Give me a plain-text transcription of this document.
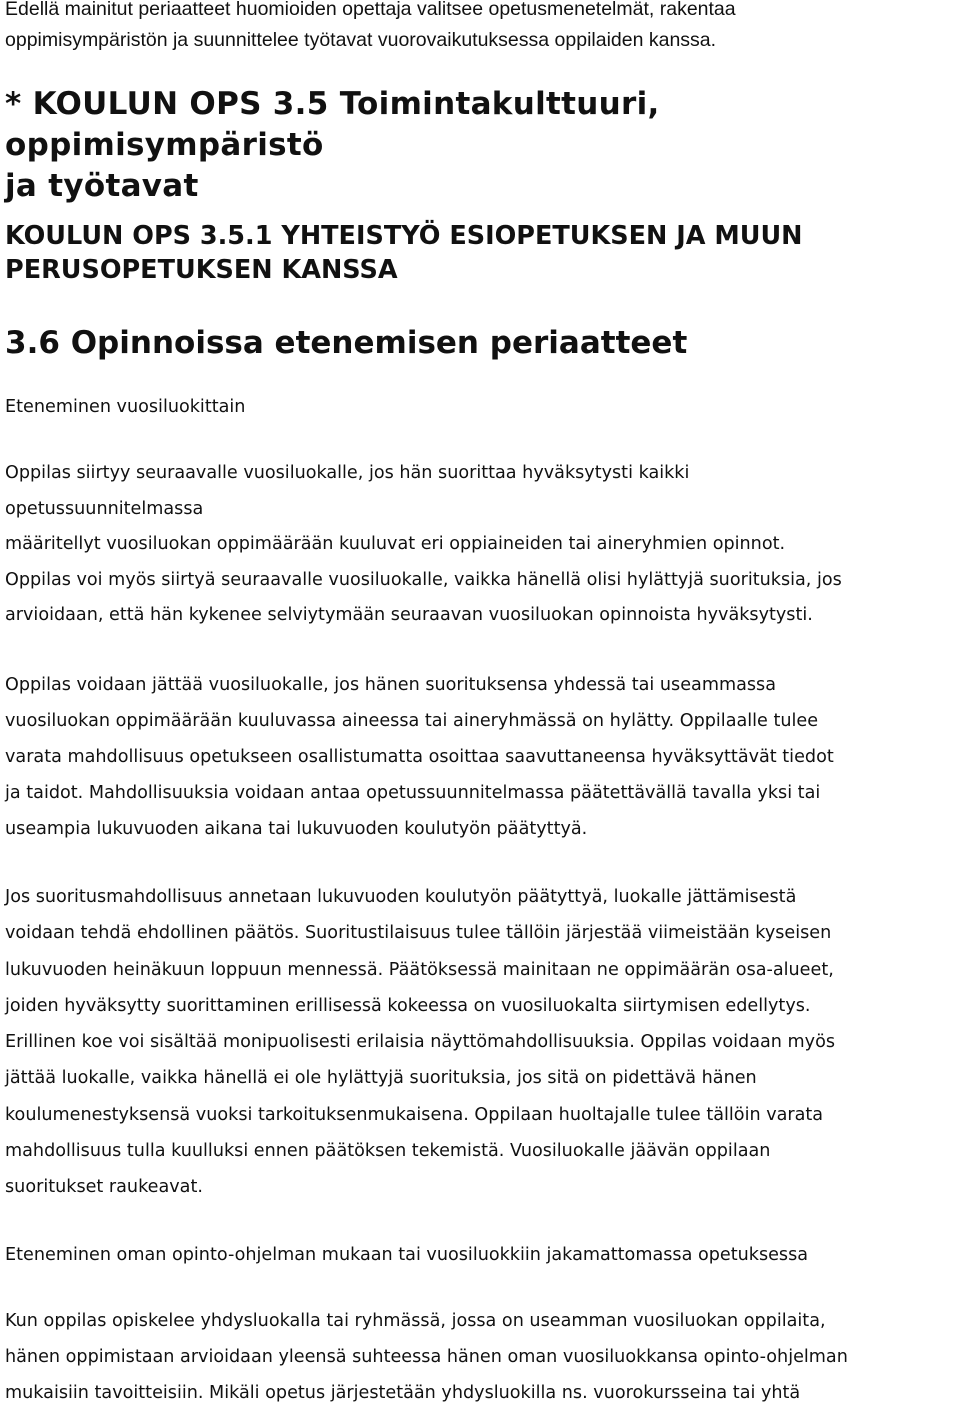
Edellä mainitut periaatteet huomioiden opettaja valitsee opetusmenetelmät, rakentaa
oppimisympäristön ja suunnittelee työtavat vuorovaikutuksessa oppilaiden kanssa.
* KOULUN OPS 3.5 Toimintakulttuuri, oppimisympäristö
ja työtavat
KOULUN OPS 3.5.1 YHTEISTYÖ ESIOPETUKSEN JA MUUN
PERUSOPETUKSEN KANSSA
3.6 Opinnoissa etenemisen periaatteet

Eteneminen vuosiluokittain

Oppilas siirtyy seuraavalle vuosiluokalle, jos hän suorittaa hyväksytysti kaikki
opetussuunnitelmassa
määritellyt vuosiluokan oppimäärään kuuluvat eri oppiaineiden tai aineryhmien opinnot.
Oppilas voi myös siirtyä seuraavalle vuosiluokalle, vaikka hänellä olisi hylättyjä suorituksia, jos
arvioidaan, että hän kykenee selviytymään seuraavan vuosiluokan opinnoista hyväksytysti.
Oppilas voidaan jättää vuosiluokalle, jos hänen suorituksensa yhdessä tai useammassa
vuosiluokan oppimäärään kuuluvassa aineessa tai aineryhmässä on hylätty. Oppilaalle tulee
varata mahdollisuus opetukseen osallistumatta osoittaa saavuttaneensa hyväksyttävät tiedot
ja taidot. Mahdollisuuksia voidaan antaa opetussuunnitelmassa päätettävällä tavalla yksi tai
useampia lukuvuoden aikana tai lukuvuoden koulutyön päätyttyä.
Jos suoritusmahdollisuus annetaan lukuvuoden koulutyön päätyttyä, luokalle jättämisestä
voidaan tehdä ehdollinen päätös. Suoritustilaisuus tulee tällöin järjestää viimeistään kyseisen
lukuvuoden heinäkuun loppuun mennessä. Päätöksessä mainitaan ne oppimäärän osa-alueet,
joiden hyväksytty suorittaminen erillisessä kokeessa on vuosiluokalta siirtymisen edellytys.
Erillinen koe voi sisältää monipuolisesti erilaisia näyttömahdollisuuksia. Oppilas voidaan myös
jättää luokalle, vaikka hänellä ei ole hylättyjä suorituksia, jos sitä on pidettävä hänen
koulumenestyksensä vuoksi tarkoituksenmukaisena. Oppilaan huoltajalle tulee tällöin varata
mahdollisuus tulla kuulluksi ennen päätöksen tekemistä. Vuosiluokalle jäävän oppilaan
suoritukset raukeavat.

Eteneminen oman opinto-ohjelman mukaan tai vuosiluokkiin jakamattomassa opetuksessa

Kun oppilas opiskelee yhdysluokalla tai ryhmässä, jossa on useamman vuosiluokan oppilaita,
hänen oppimistaan arvioidaan yleensä suhteessa hänen oman vuosiluokkansa opinto-ohjelman
mukaisiin tavoitteisiin. Mikäli opetus järjestetään yhdysluokilla ns. vuorokursseina tai yhtä
